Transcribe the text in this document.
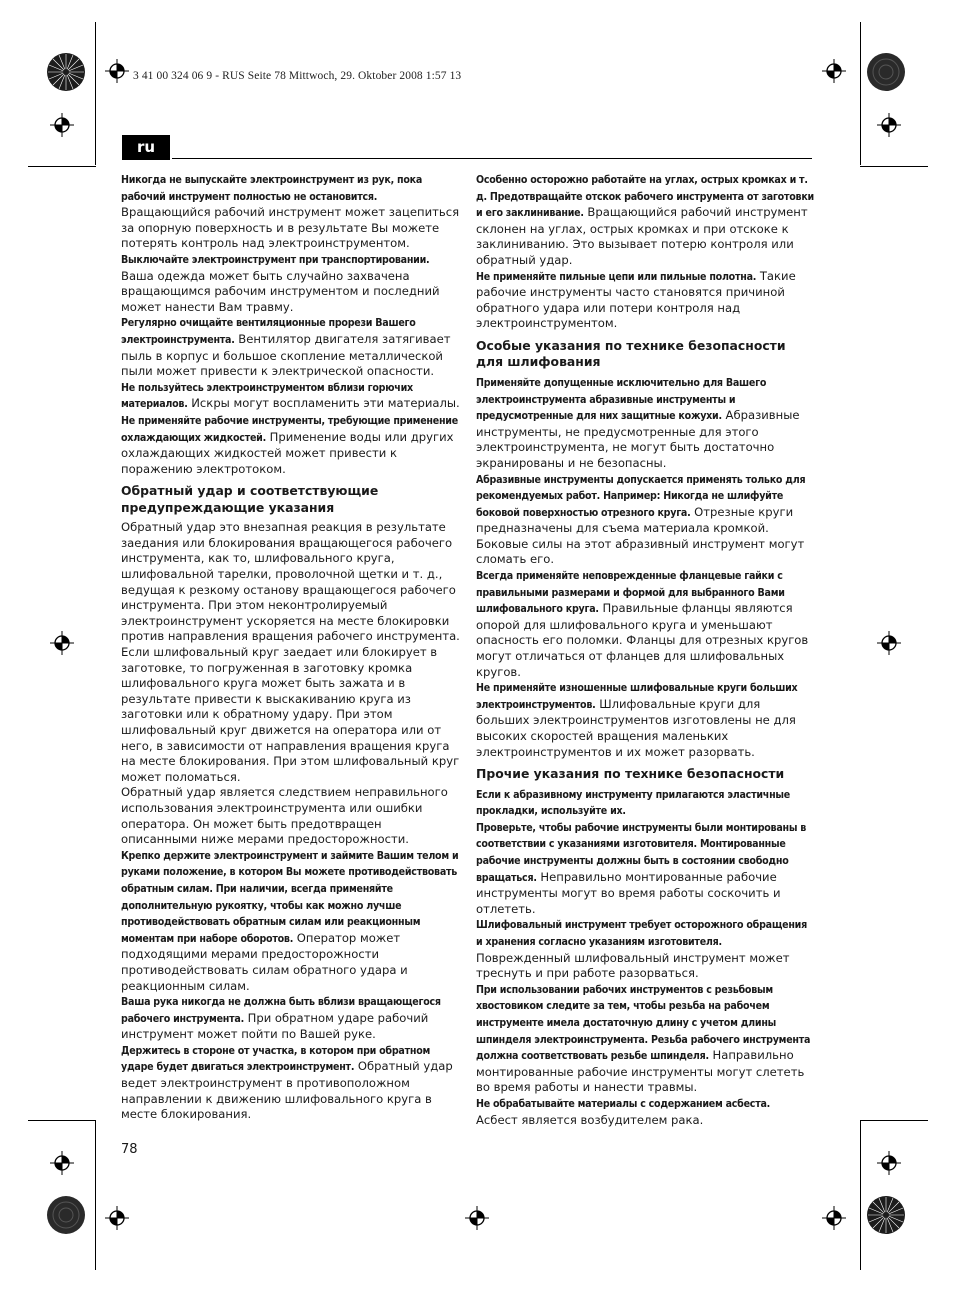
3 41 00 324 06 9 - RUS Seite 78 Mittwoch, 29. Oktober 2008 1:57 13
ru

Никогда не выпускайте электроинструмент из рук, пока рабочий инструмент полностью не остановится. Вращающийся рабочий инструмент может зацепиться за опорную поверхность и в результате Вы можете потерять контроль над электроинструментом.

Выключайте электроинструмент при транспортировании. Ваша одежда может быть случайно захвачена вращающимся рабочим инструментом и последний может нанести Вам травму.

Регулярно очищайте вентиляционные прорези Вашего электроинструмента. Вентилятор двигателя затягивает пыль в корпус и большое скопление металлической пыли может привести к электрической опасности.

Не пользуйтесь электроинструментом вблизи горючих материалов. Искры могут воспламенить эти материалы.

Не применяйте рабочие инструменты, требующие применение охлаждающих жидкостей. Применение воды или других охлаждающих жидкостей может привести к поражению электротоком.

Обратный удар и соответствующие предупреждающие указания

Обратный удар это внезапная реакция в результате заедания или блокирования вращающегося рабочего инструмента, как то, шлифовального круга, шлифовальной тарелки, проволочной щетки и т. д., ведущая к резкому останову вращающегося рабочего инструмента. При этом неконтролируемый электроинструмент ускоряется на месте блокировки против направления вращения рабочего инструмента.

Если шлифовальный круг заедает или блокирует в заготовке, то погруженная в заготовку кромка шлифовального круга может быть зажата и в результате привести к выскакиванию круга из заготовки или к обратному удару. При этом шлифовальный круг движется на оператора или от него, в зависимости от направления вращения круга на месте блокирования. При этом шлифовальный круг может поломаться.

Обратный удар является следствием неправильного использования электроинструмента или ошибки оператора. Он может быть предотвращен описанными ниже мерами предосторожности.

Крепко держите электроинструмент и займите Вашим телом и руками положение, в котором Вы можете противодействовать обратным силам. При наличии, всегда применяйте дополнительную рукоятку, чтобы как можно лучше противодействовать обратным силам или реакционным моментам при наборе оборотов. Оператор может подходящими мерами предосторожности противодействовать силам обратного удара и реакционным силам.

Ваша рука никогда не должна быть вблизи вращающегося рабочего инструмента. При обратном ударе рабочий инструмент может пойти по Вашей руке.

Держитесь в стороне от участка, в котором при обратном ударе будет двигаться электроинструмент. Обратный удар ведет электроинструмент в противоположном направлении к движению шлифовального круга в месте блокирования.

Особенно осторожно работайте на углах, острых кромках и т. д. Предотвращайте отскок рабочего инструмента от заготовки и его заклинивание. Вращающийся рабочий инструмент склонен на углах, острых кромках и при отскоке к заклиниванию. Это вызывает потерю контроля или обратный удар.

Не применяйте пильные цепи или пильные полотна. Такие рабочие инструменты часто становятся причиной обратного удара или потери контроля над электроинструментом.

Особые указания по технике безопасности для шлифования

Применяйте допущенные исключительно для Вашего электроинструмента абразивные инструменты и предусмотренные для них защитные кожухи. Абразивные инструменты, не предусмотренные для этого электроинструмента, не могут быть достаточно экранированы и не безопасны.

Абразивные инструменты допускается применять только для рекомендуемых работ. Например: Никогда не шлифуйте боковой поверхностью отрезного круга. Отрезные круги предназначены для съема материала кромкой. Боковые силы на этот абразивный инструмент могут сломать его.

Всегда применяйте неповрежденные фланцевые гайки с правильными размерами и формой для выбранного Вами шлифовального круга. Правильные фланцы являются опорой для шлифовального круга и уменьшают опасность его поломки. Фланцы для отрезных кругов могут отличаться от фланцев для шлифовальных кругов.

Не применяйте изношенные шлифовальные круги больших электроинструментов. Шлифовальные круги для больших электроинструментов изготовлены не для высоких скоростей вращения маленьких электроинструментов и их может разорвать.

Прочие указания по технике безопасности

Если к абразивному инструменту прилагаются эластичные прокладки, используйте их.

Проверьте, чтобы рабочие инструменты были монтированы в соответствии с указаниями изготовителя. Монтированные рабочие инструменты должны быть в состоянии свободно вращаться. Неправильно монтированные рабочие инструменты могут во время работы соскочить и отлететь.

Шлифовальный инструмент требует осторожного обращения и хранения согласно указаниям изготовителя. Поврежденный шлифовальный инструмент может треснуть и при работе разорваться.

При использовании рабочих инструментов с резьбовым хвостовиком следите за тем, чтобы резьба на рабочем инструменте имела достаточную длину с учетом длины шпинделя электроинструмента. Резьба рабочего инструмента должна соответствовать резьбе шпинделя. Направильно монтированные рабочие инструменты могут слететь во время работы и нанести травмы.

Не обрабатывайте материалы с содержанием асбеста. Асбест является возбудителем рака.

78
